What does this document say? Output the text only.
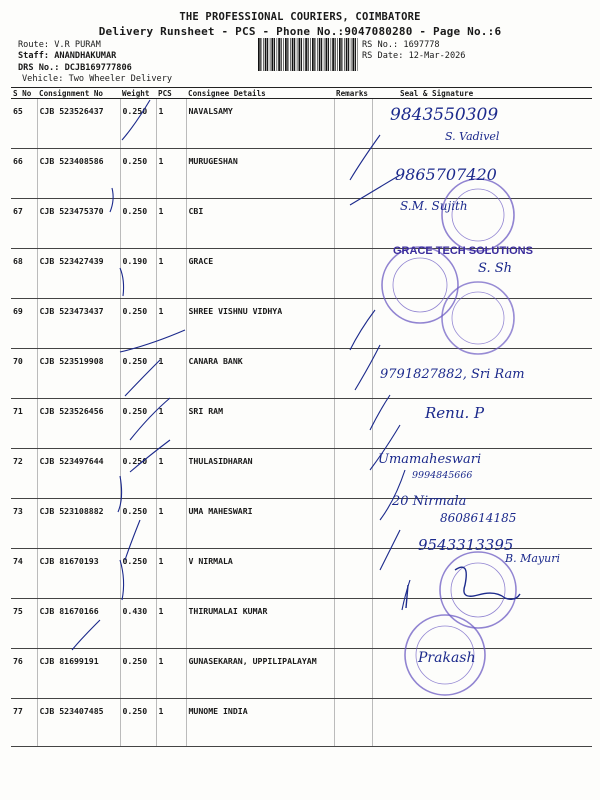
THE PROFESSIONAL COURIERS, COIMBATORE
Delivery Runsheet - PCS - Phone No.:9047080280 - Page No.:6
Route: V.R PURAM
Staff: ANANDHAKUMAR
DRS No.: DCJB169777806
Vehicle: Two Wheeler Delivery
RS No.: 1697778
RS Date: 12-Mar-2026
S No	Consignment No	Weight	PCS	Consignee Details	Remarks	Seal & Signature
65	CJB 523526437	0.250	1	NAVALSAMY		
66	CJB 523408586	0.250	1	MURUGESHAN		
67	CJB 523475370	0.250	1	CBI		
68	CJB 523427439	0.190	1	GRACE		
69	CJB 523473437	0.250	1	SHREE VISHNU VIDHYA		
70	CJB 523519908	0.250	1	CANARA BANK		
71	CJB 523526456	0.250	1	SRI RAM		
72	CJB 523497644	0.250	1	THULASIDHARAN		
73	CJB 523108882	0.250	1	UMA MAHESWARI		
74	CJB 81670193	0.250	1	V NIRMALA		
75	CJB 81670166	0.430	1	THIRUMALAI KUMAR		
76	CJB 81699191	0.250	1	GUNASEKARAN, UPPILIPALAYAM		
77	CJB 523407485	0.250	1	MUNOME INDIA		
GRACE TECH SOLUTIONS
9843550309
S. Vadivel
9865707420
S.M. Sujith
S. Sh
9791827882, Sri Ram
Renu. P
Umamaheswari
9994845666
20 Nirmala
8608614185
9543313395
B. Mayuri
Prakash
